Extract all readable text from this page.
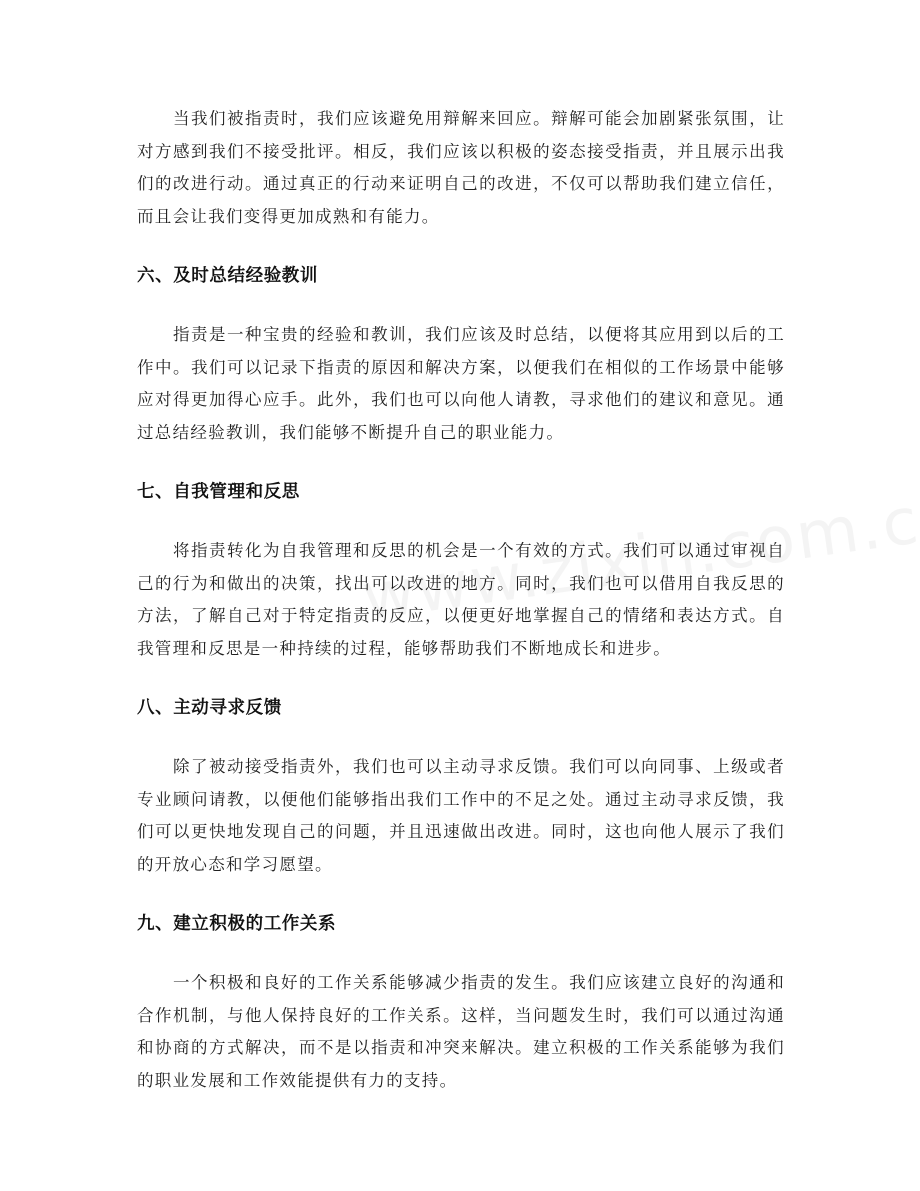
当我们被指责时，我们应该避免用辩解来回应。辩解可能会加剧紧张氛围，让对方感到我们不接受批评。相反，我们应该以积极的姿态接受指责，并且展示出我们的改进行动。通过真正的行动来证明自己的改进，不仅可以帮助我们建立信任，而且会让我们变得更加成熟和有能力。

六、及时总结经验教训

指责是一种宝贵的经验和教训，我们应该及时总结，以便将其应用到以后的工作中。我们可以记录下指责的原因和解决方案，以便我们在相似的工作场景中能够应对得更加得心应手。此外，我们也可以向他人请教，寻求他们的建议和意见。通过总结经验教训，我们能够不断提升自己的职业能力。

七、自我管理和反思

将指责转化为自我管理和反思的机会是一个有效的方式。我们可以通过审视自己的行为和做出的决策，找出可以改进的地方。同时，我们也可以借用自我反思的方法，了解自己对于特定指责的反应，以便更好地掌握自己的情绪和表达方式。自我管理和反思是一种持续的过程，能够帮助我们不断地成长和进步。

八、主动寻求反馈

除了被动接受指责外，我们也可以主动寻求反馈。我们可以向同事、上级或者专业顾问请教，以便他们能够指出我们工作中的不足之处。通过主动寻求反馈，我们可以更快地发现自己的问题，并且迅速做出改进。同时，这也向他人展示了我们的开放心态和学习愿望。

九、建立积极的工作关系

一个积极和良好的工作关系能够减少指责的发生。我们应该建立良好的沟通和合作机制，与他人保持良好的工作关系。这样，当问题发生时，我们可以通过沟通和协商的方式解决，而不是以指责和冲突来解决。建立积极的工作关系能够为我们的职业发展和工作效能提供有力的支持。
